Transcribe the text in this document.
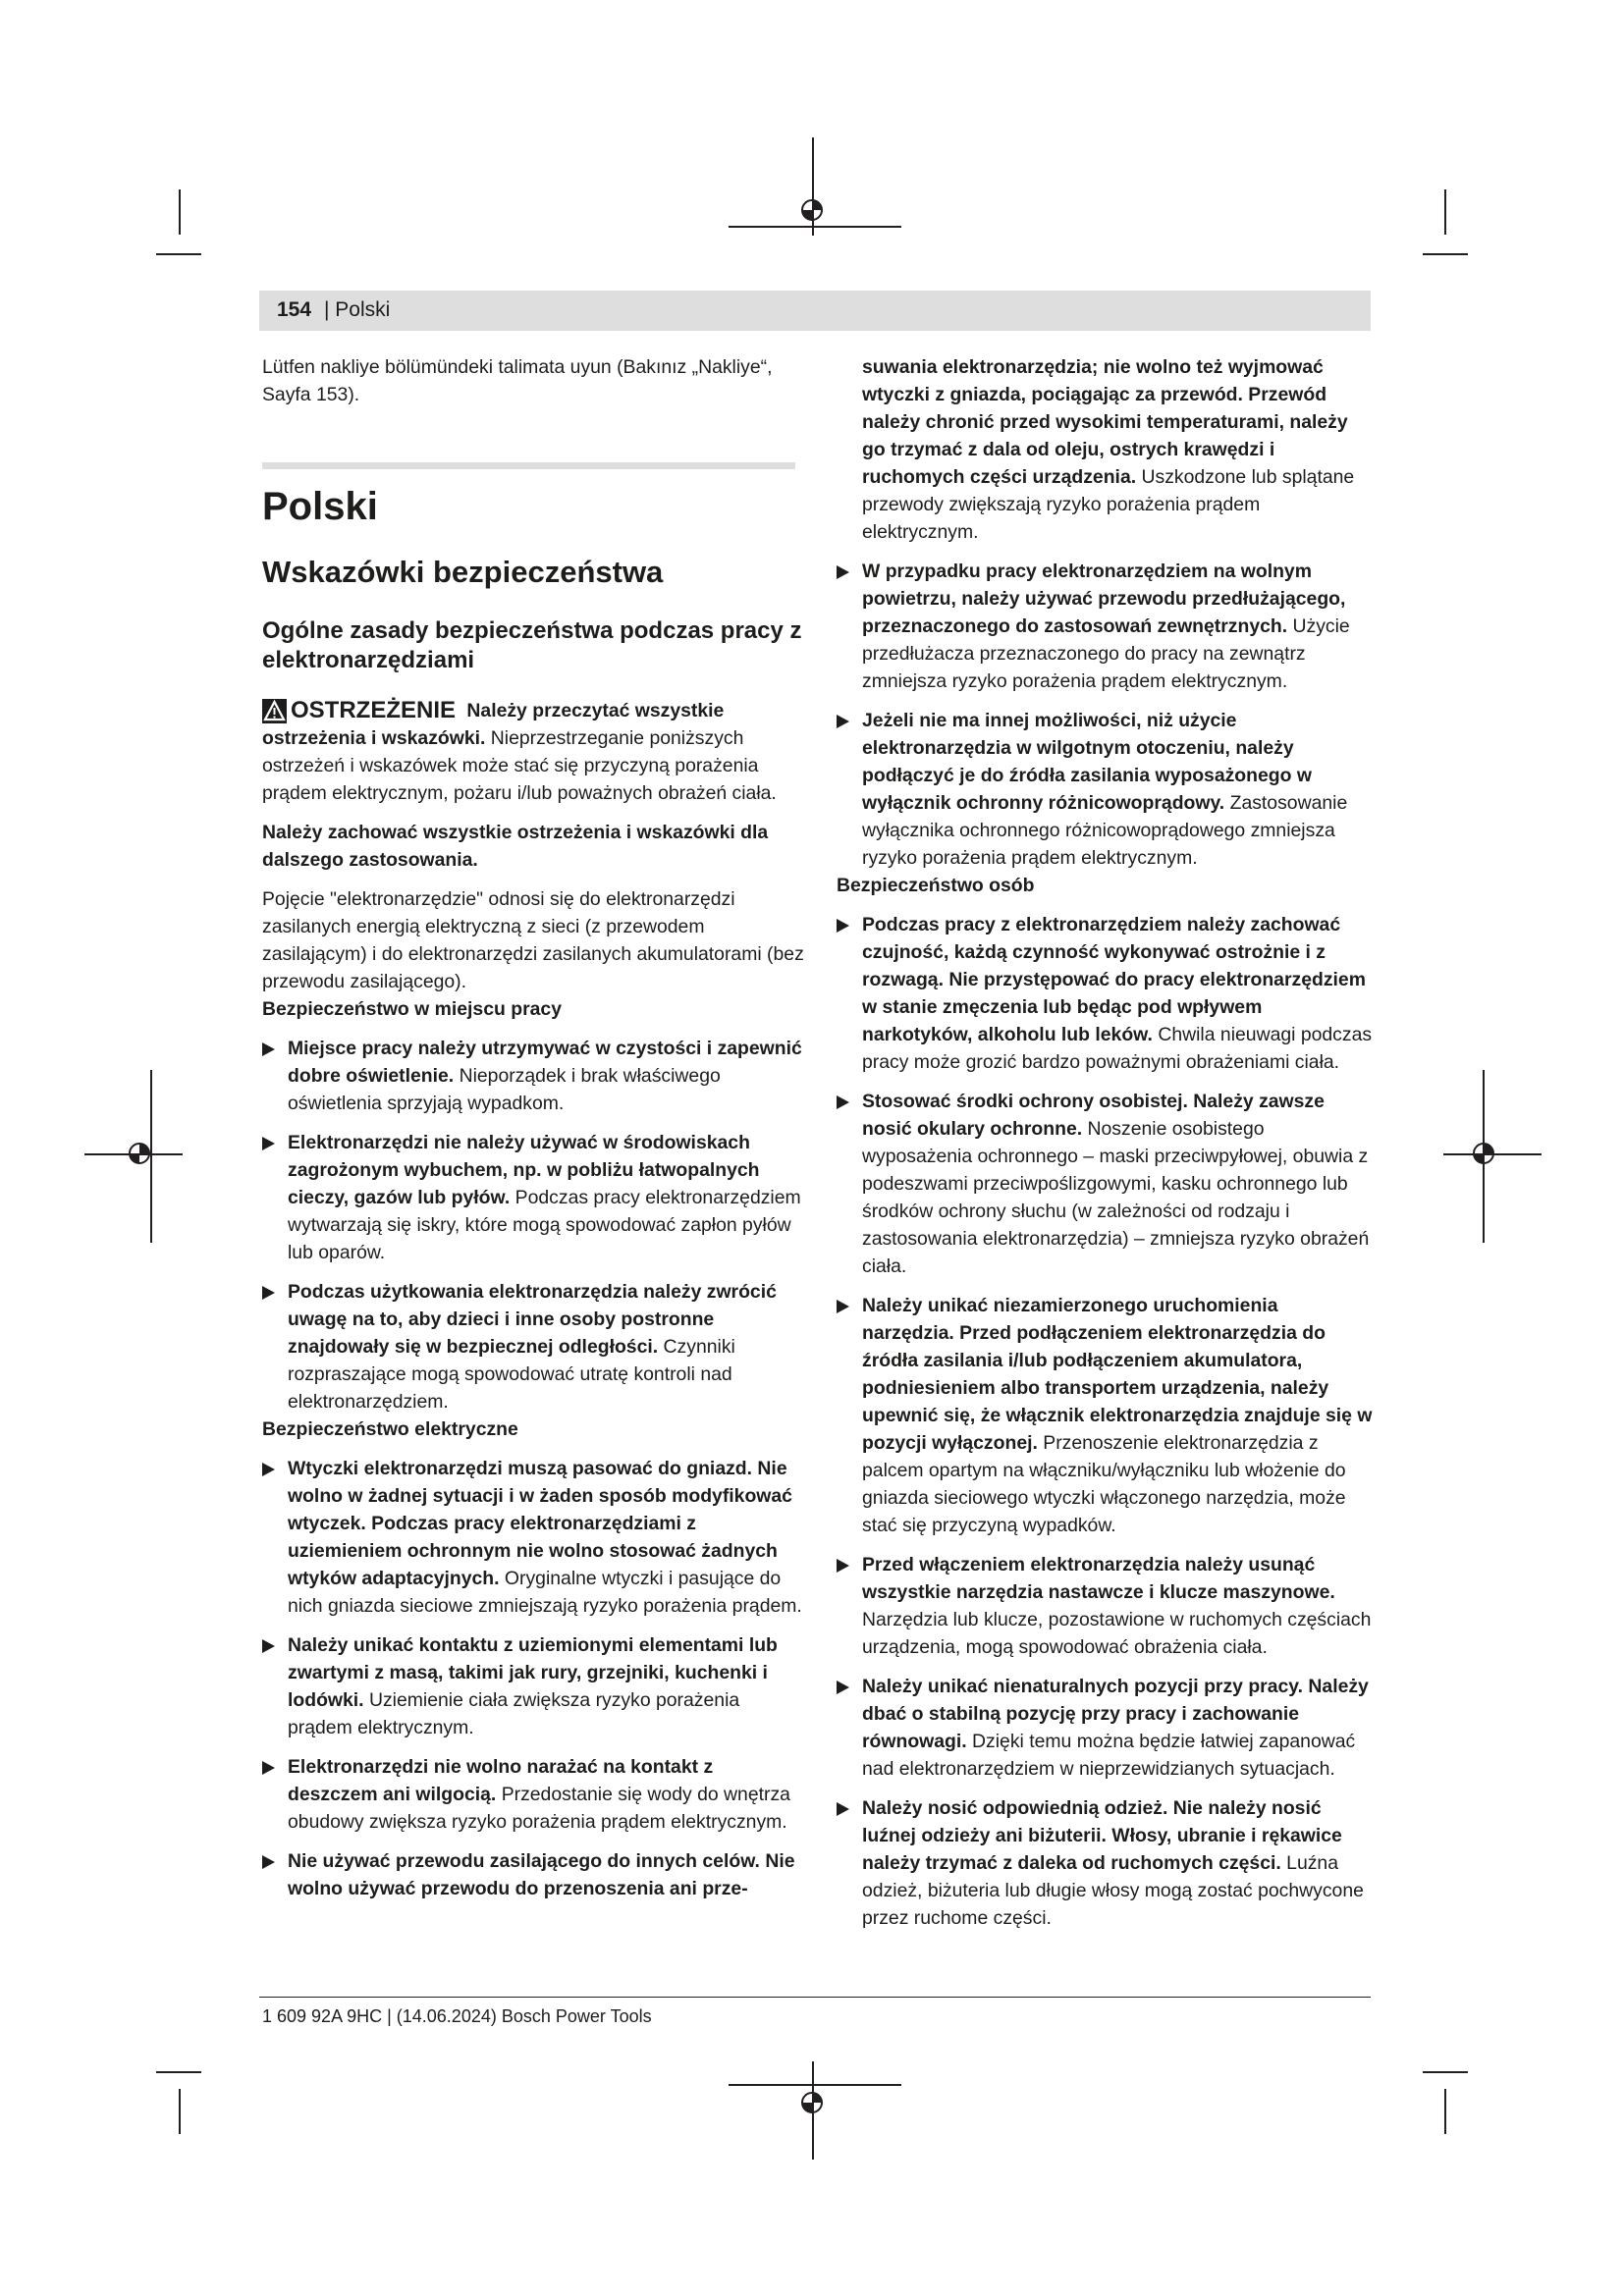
154 | Polski

Lütfen nakliye bölümündeki talimata uyun (Bakınız „Nakliye“, Sayfa 153).

Polski
Wskazówki bezpieczeństwa
Ogólne zasady bezpieczeństwa podczas pracy z elektronarzędziami

OSTRZEŻENIE Należy przeczytać wszystkie ostrzeżenia i wskazówki. Nieprzestrzeganie poniższych ostrzeżeń i wskazówek może stać się przyczyną porażenia prądem elektrycznym, pożaru i/lub poważnych obrażeń ciała.

Należy zachować wszystkie ostrzeżenia i wskazówki dla dalszego zastosowania.

Pojęcie "elektronarzędzie" odnosi się do elektronarzędzi zasilanych energią elektryczną z sieci (z przewodem zasilającym) i do elektronarzędzi zasilanych akumulatorami (bez przewodu zasilającego).

Bezpieczeństwo w miejscu pracy

Miejsce pracy należy utrzymywać w czystości i zapewnić dobre oświetlenie. Nieporządek i brak właściwego oświetlenia sprzyjają wypadkom.
Elektronarzędzi nie należy używać w środowiskach zagrożonym wybuchem, np. w pobliżu łatwopalnych cieczy, gazów lub pyłów. Podczas pracy elektronarzędziem wytwarzają się iskry, które mogą spowodować zapłon pyłów lub oparów.
Podczas użytkowania elektronarzędzia należy zwrócić uwagę na to, aby dzieci i inne osoby postronne znajdowały się w bezpiecznej odległości. Czynniki rozpraszające mogą spowodować utratę kontroli nad elektronarzędziem.

Bezpieczeństwo elektryczne

Wtyczki elektronarzędzi muszą pasować do gniazd. Nie wolno w żadnej sytuacji i w żaden sposób modyfikować wtyczek. Podczas pracy elektronarzędziami z uziemieniem ochronnym nie wolno stosować żadnych wtyków adaptacyjnych. Oryginalne wtyczki i pasujące do nich gniazda sieciowe zmniejszają ryzyko porażenia prądem.
Należy unikać kontaktu z uziemionymi elementami lub zwartymi z masą, takimi jak rury, grzejniki, kuchenki i lodówki. Uziemienie ciała zwiększa ryzyko porażenia prądem elektrycznym.
Elektronarzędzi nie wolno narażać na kontakt z deszczem ani wilgocią. Przedostanie się wody do wnętrza obudowy zwiększa ryzyko porażenia prądem elektrycznym.
Nie używać przewodu zasilającego do innych celów. Nie wolno używać przewodu do przenoszenia ani prze-

suwania elektronarzędzia; nie wolno też wyjmować wtyczki z gniazda, pociągając za przewód. Przewód należy chronić przed wysokimi temperaturami, należy go trzymać z dala od oleju, ostrych krawędzi i ruchomych części urządzenia. Uszkodzone lub splątane przewody zwiększają ryzyko porażenia prądem elektrycznym.

W przypadku pracy elektronarzędziem na wolnym powietrzu, należy używać przewodu przedłużającego, przeznaczonego do zastosowań zewnętrznych. Użycie przedłużacza przeznaczonego do pracy na zewnątrz zmniejsza ryzyko porażenia prądem elektrycznym.
Jeżeli nie ma innej możliwości, niż użycie elektronarzędzia w wilgotnym otoczeniu, należy podłączyć je do źródła zasilania wyposażonego w wyłącznik ochronny różnicowoprądowy. Zastosowanie wyłącznika ochronnego różnicowoprądowego zmniejsza ryzyko porażenia prądem elektrycznym.

Bezpieczeństwo osób

Podczas pracy z elektronarzędziem należy zachować czujność, każdą czynność wykonywać ostrożnie i z rozwagą. Nie przystępować do pracy elektronarzędziem w stanie zmęczenia lub będąc pod wpływem narkotyków, alkoholu lub leków. Chwila nieuwagi podczas pracy może grozić bardzo poważnymi obrażeniami ciała.
Stosować środki ochrony osobistej. Należy zawsze nosić okulary ochronne. Noszenie osobistego wyposażenia ochronnego – maski przeciwpyłowej, obuwia z podeszwami przeciwpoślizgowymi, kasku ochronnego lub środków ochrony słuchu (w zależności od rodzaju i zastosowania elektronarzędzia) – zmniejsza ryzyko obrażeń ciała.
Należy unikać niezamierzonego uruchomienia narzędzia. Przed podłączeniem elektronarzędzia do źródła zasilania i/lub podłączeniem akumulatora, podniesieniem albo transportem urządzenia, należy upewnić się, że włącznik elektronarzędzia znajduje się w pozycji wyłączonej. Przenoszenie elektronarzędzia z palcem opartym na włączniku/wyłączniku lub włożenie do gniazda sieciowego wtyczki włączonego narzędzia, może stać się przyczyną wypadków.
Przed włączeniem elektronarzędzia należy usunąć wszystkie narzędzia nastawcze i klucze maszynowe. Narzędzia lub klucze, pozostawione w ruchomych częściach urządzenia, mogą spowodować obrażenia ciała.
Należy unikać nienaturalnych pozycji przy pracy. Należy dbać o stabilną pozycję przy pracy i zachowanie równowagi. Dzięki temu można będzie łatwiej zapanować nad elektronarzędziem w nieprzewidzianych sytuacjach.
Należy nosić odpowiednią odzież. Nie należy nosić luźnej odzieży ani biżuterii. Włosy, ubranie i rękawice należy trzymać z daleka od ruchomych części. Luźna odzież, biżuteria lub długie włosy mogą zostać pochwycone przez ruchome części.
1 609 92A 9HC | (14.06.2024) Bosch Power Tools
